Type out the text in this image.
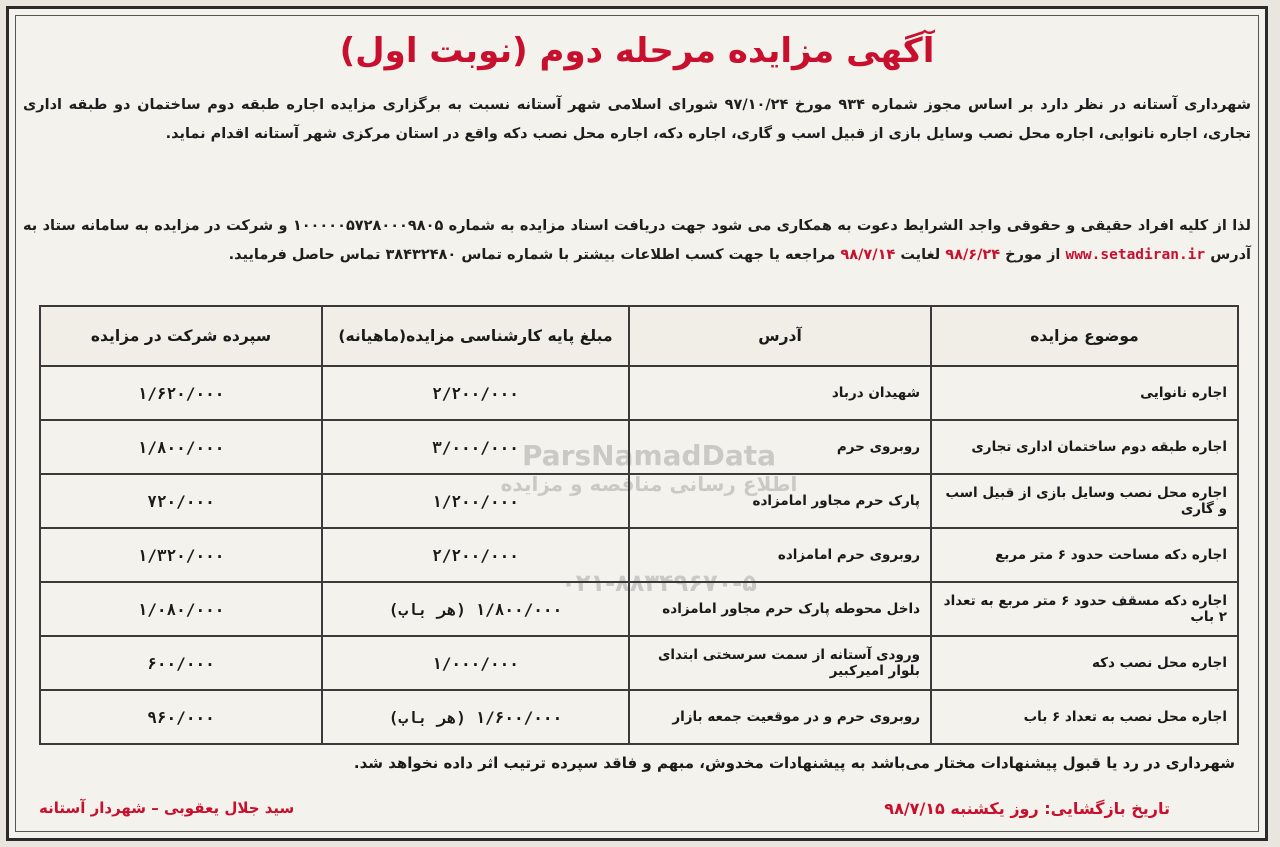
آگهی مزایده مرحله دوم (نوبت اول)
شهرداری آستانه در نظر دارد بر اساس مجوز شماره ۹۳۴ مورخ ۹۷/۱۰/۲۴ شورای اسلامی شهر آستانه نسبت به برگزاری مزایده اجاره طبقه دوم ساختمان دو طبقه اداری تجاری، اجاره نانوایی، اجاره محل نصب وسایل بازی از قبیل اسب و گاری، اجاره دکه، اجاره محل نصب دکه واقع در استان مرکزی شهر آستانه اقدام نماید.
لذا از کلیه افراد حقیقی و حقوقی واجد الشرایط دعوت به همکاری می شود جهت دریافت اسناد مزایده به شماره ۱۰۰۰۰۰۵۷۲۸۰۰۰۹۸۰۵ و شرکت در مزایده به سامانه ستاد به آدرس www.setadiran.ir از مورخ ۹۸/۶/۲۴ لغایت ۹۸/۷/۱۴ مراجعه یا جهت کسب اطلاعات بیشتر با شماره تماس ۳۸۴۳۲۴۸۰ تماس حاصل فرمایید.
ParsNamadData
اطلاع رسانی مناقصه و مزایده
۰۲۱-۸۸۳۴۹۶۷۰-۵
موضوع مزایده	آدرس	مبلغ پایه کارشناسی مزایده(ماهیانه)	سپرده شرکت در مزایده
اجاره نانوایی	شهیدان درباد	۲/۲۰۰/۰۰۰	۱/۶۲۰/۰۰۰
اجاره طبقه دوم ساختمان اداری تجاری	روبروی حرم	۳/۰۰۰/۰۰۰	۱/۸۰۰/۰۰۰
اجاره محل نصب وسایل بازی از قبیل اسب و گاری	پارک حرم مجاور امامزاده	۱/۲۰۰/۰۰۰	۷۲۰/۰۰۰
اجاره دکه مساحت حدود ۶ متر مربع	روبروی حرم امامزاده	۲/۲۰۰/۰۰۰	۱/۳۲۰/۰۰۰
اجاره دکه مسقف حدود ۶ متر مربع به تعداد ۲ باب	داخل محوطه پارک حرم مجاور امامزاده	۱/۸۰۰/۰۰۰ (هر باب)	۱/۰۸۰/۰۰۰
اجاره محل نصب دکه	ورودی آستانه از سمت سرسختی ابتدای بلوار امیرکبیر	۱/۰۰۰/۰۰۰	۶۰۰/۰۰۰
اجاره محل نصب به تعداد ۶ باب	روبروی حرم و در موقعیت جمعه بازار	۱/۶۰۰/۰۰۰ (هر باب)	۹۶۰/۰۰۰
شهرداری در رد یا قبول پیشنهادات مختار می‌باشد به پیشنهادات مخدوش، مبهم و فاقد سپرده ترتیب اثر داده نخواهد شد.
تاریخ بازگشایی: روز یکشنبه ۹۸/۷/۱۵
سید جلال یعقوبی – شهردار آستانه
